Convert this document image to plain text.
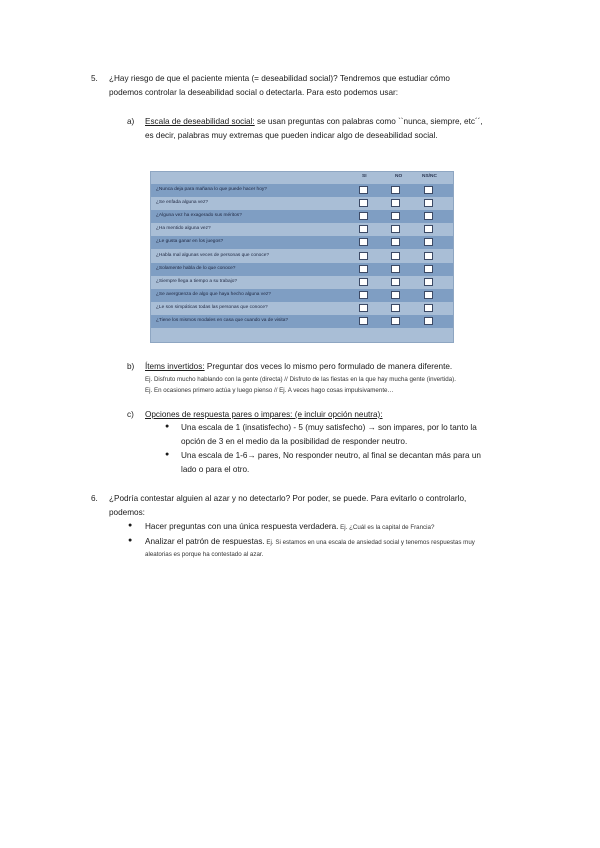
5. ¿Hay riesgo de que el paciente mienta (= deseabilidad social)? Tendremos que estudiar cómo
podemos controlar la deseabilidad social o detectarla. Para esto podemos usar:
a) Escala de deseabilidad social: se usan preguntas con palabras como ``nunca, siempre, etc´´,
es decir, palabras muy extremas que pueden indicar algo de deseabilidad social.
SI	NO	NS/NC
¿Nunca deja para mañana lo que puede hacer hoy?
¿Se enfada alguna vez?
¿Alguna vez ha exagerado sus méritos?
¿Ha mentido alguna vez?
¿Le gusta ganar en los juegos?
¿Habla mal algunas veces de personas que conoce?
¿Solamente habla de lo que conoce?
¿Siempre llega a tiempo a su trabajo?
¿Se avergüenza de algo que haya hecho alguna vez?
¿Le son simpáticas todas las personas que conoce?
¿Tiene los mismos modales en casa que cuando va de visita?
b) Ítems invertidos: Preguntar dos veces lo mismo pero formulado de manera diferente.
Ej. Disfruto mucho hablando con la gente (directa) // Disfruto de las fiestas en la que hay mucha gente (invertida).
Ej. En ocasiones primero actúa y luego pienso // Ej. A veces hago cosas impulsivamente…
c) Opciones de respuesta pares o impares: (e incluir opción neutra):
● Una escala de 1 (insatisfecho) - 5 (muy satisfecho) → son impares, por lo tanto la
opción de 3 en el medio da la posibilidad de responder neutro.
● Una escala de 1-6→ pares, No responder neutro, al final se decantan más para un
lado o para el otro.
6. ¿Podría contestar alguien al azar y no detectarlo? Por poder, se puede. Para evitarlo o controlarlo,
podemos:
● Hacer preguntas con una única respuesta verdadera. Ej. ¿Cuál es la capital de Francia?
● Analizar el patrón de respuestas. Ej. Si estamos en una escala de ansiedad social y tenemos respuestas muy
aleatorias es porque ha contestado al azar.
